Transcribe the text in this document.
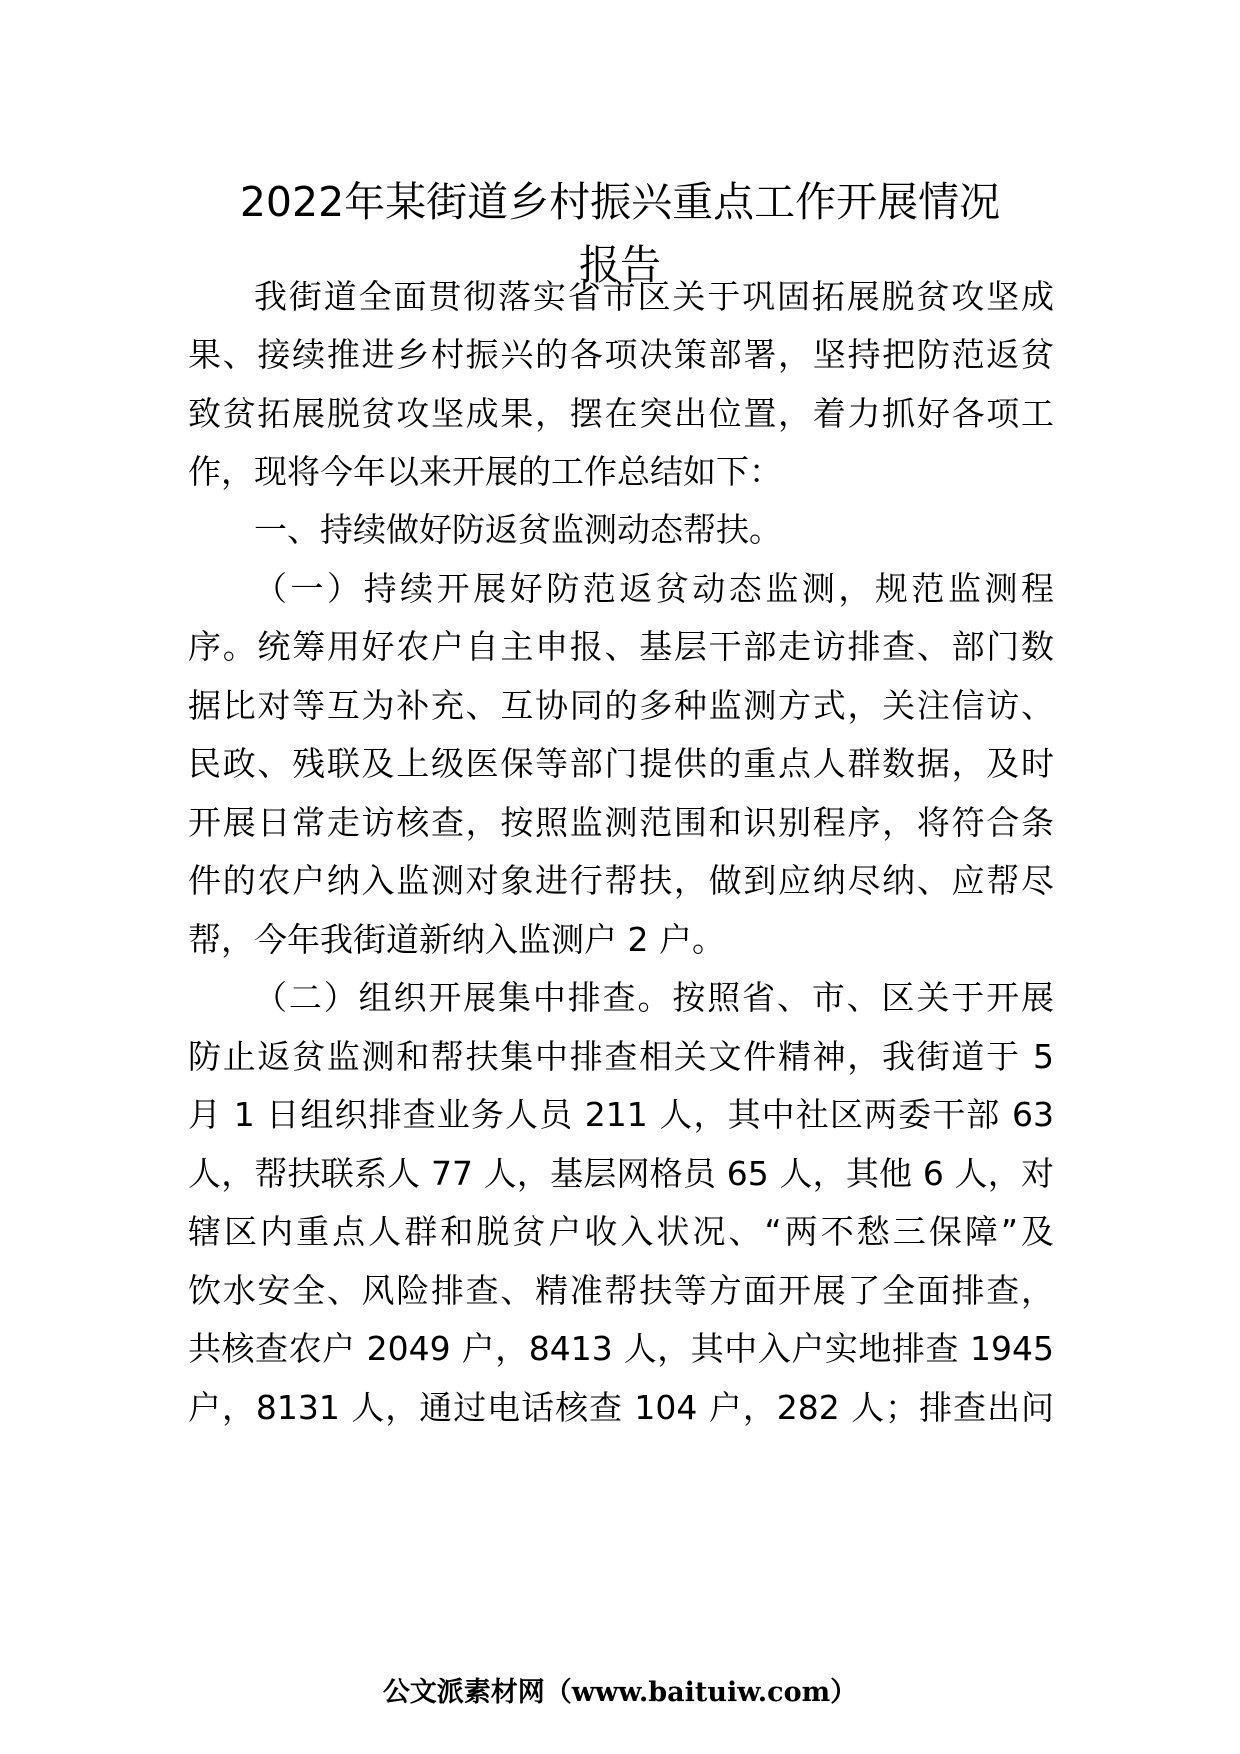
2022年某街道乡村振兴重点工作开展情况
报告

我街道全面贯彻落实省市区关于巩固拓展脱贫攻坚成

果、接续推进乡村振兴的各项决策部署，坚持把防范返贫

致贫拓展脱贫攻坚成果，摆在突出位置，着力抓好各项工

作，现将今年以来开展的工作总结如下：

一、持续做好防返贫监测动态帮扶。

（一）持续开展好防范返贫动态监测，规范监测程

序。统筹用好农户自主申报、基层干部走访排查、部门数

据比对等互为补充、互协同的多种监测方式，关注信访、

民政、残联及上级医保等部门提供的重点人群数据，及时

开展日常走访核查，按照监测范围和识别程序，将符合条

件的农户纳入监测对象进行帮扶，做到应纳尽纳、应帮尽

帮，今年我街道新纳入监测户 2 户。

（二）组织开展集中排查。按照省、市、区关于开展

防止返贫监测和帮扶集中排查相关文件精神，我街道于 5

月 1 日组织排查业务人员 211 人，其中社区两委干部 63

人，帮扶联系人 77 人，基层网格员 65 人，其他 6 人，对

辖区内重点人群和脱贫户收入状况、“两不愁三保障”及

饮水安全、风险排查、精准帮扶等方面开展了全面排查，

共核查农户 2049 户，8413 人，其中入户实地排查 1945

户，8131 人，通过电话核查 104 户，282 人；排查出问

公文派素材网（www.baituiw.com）
